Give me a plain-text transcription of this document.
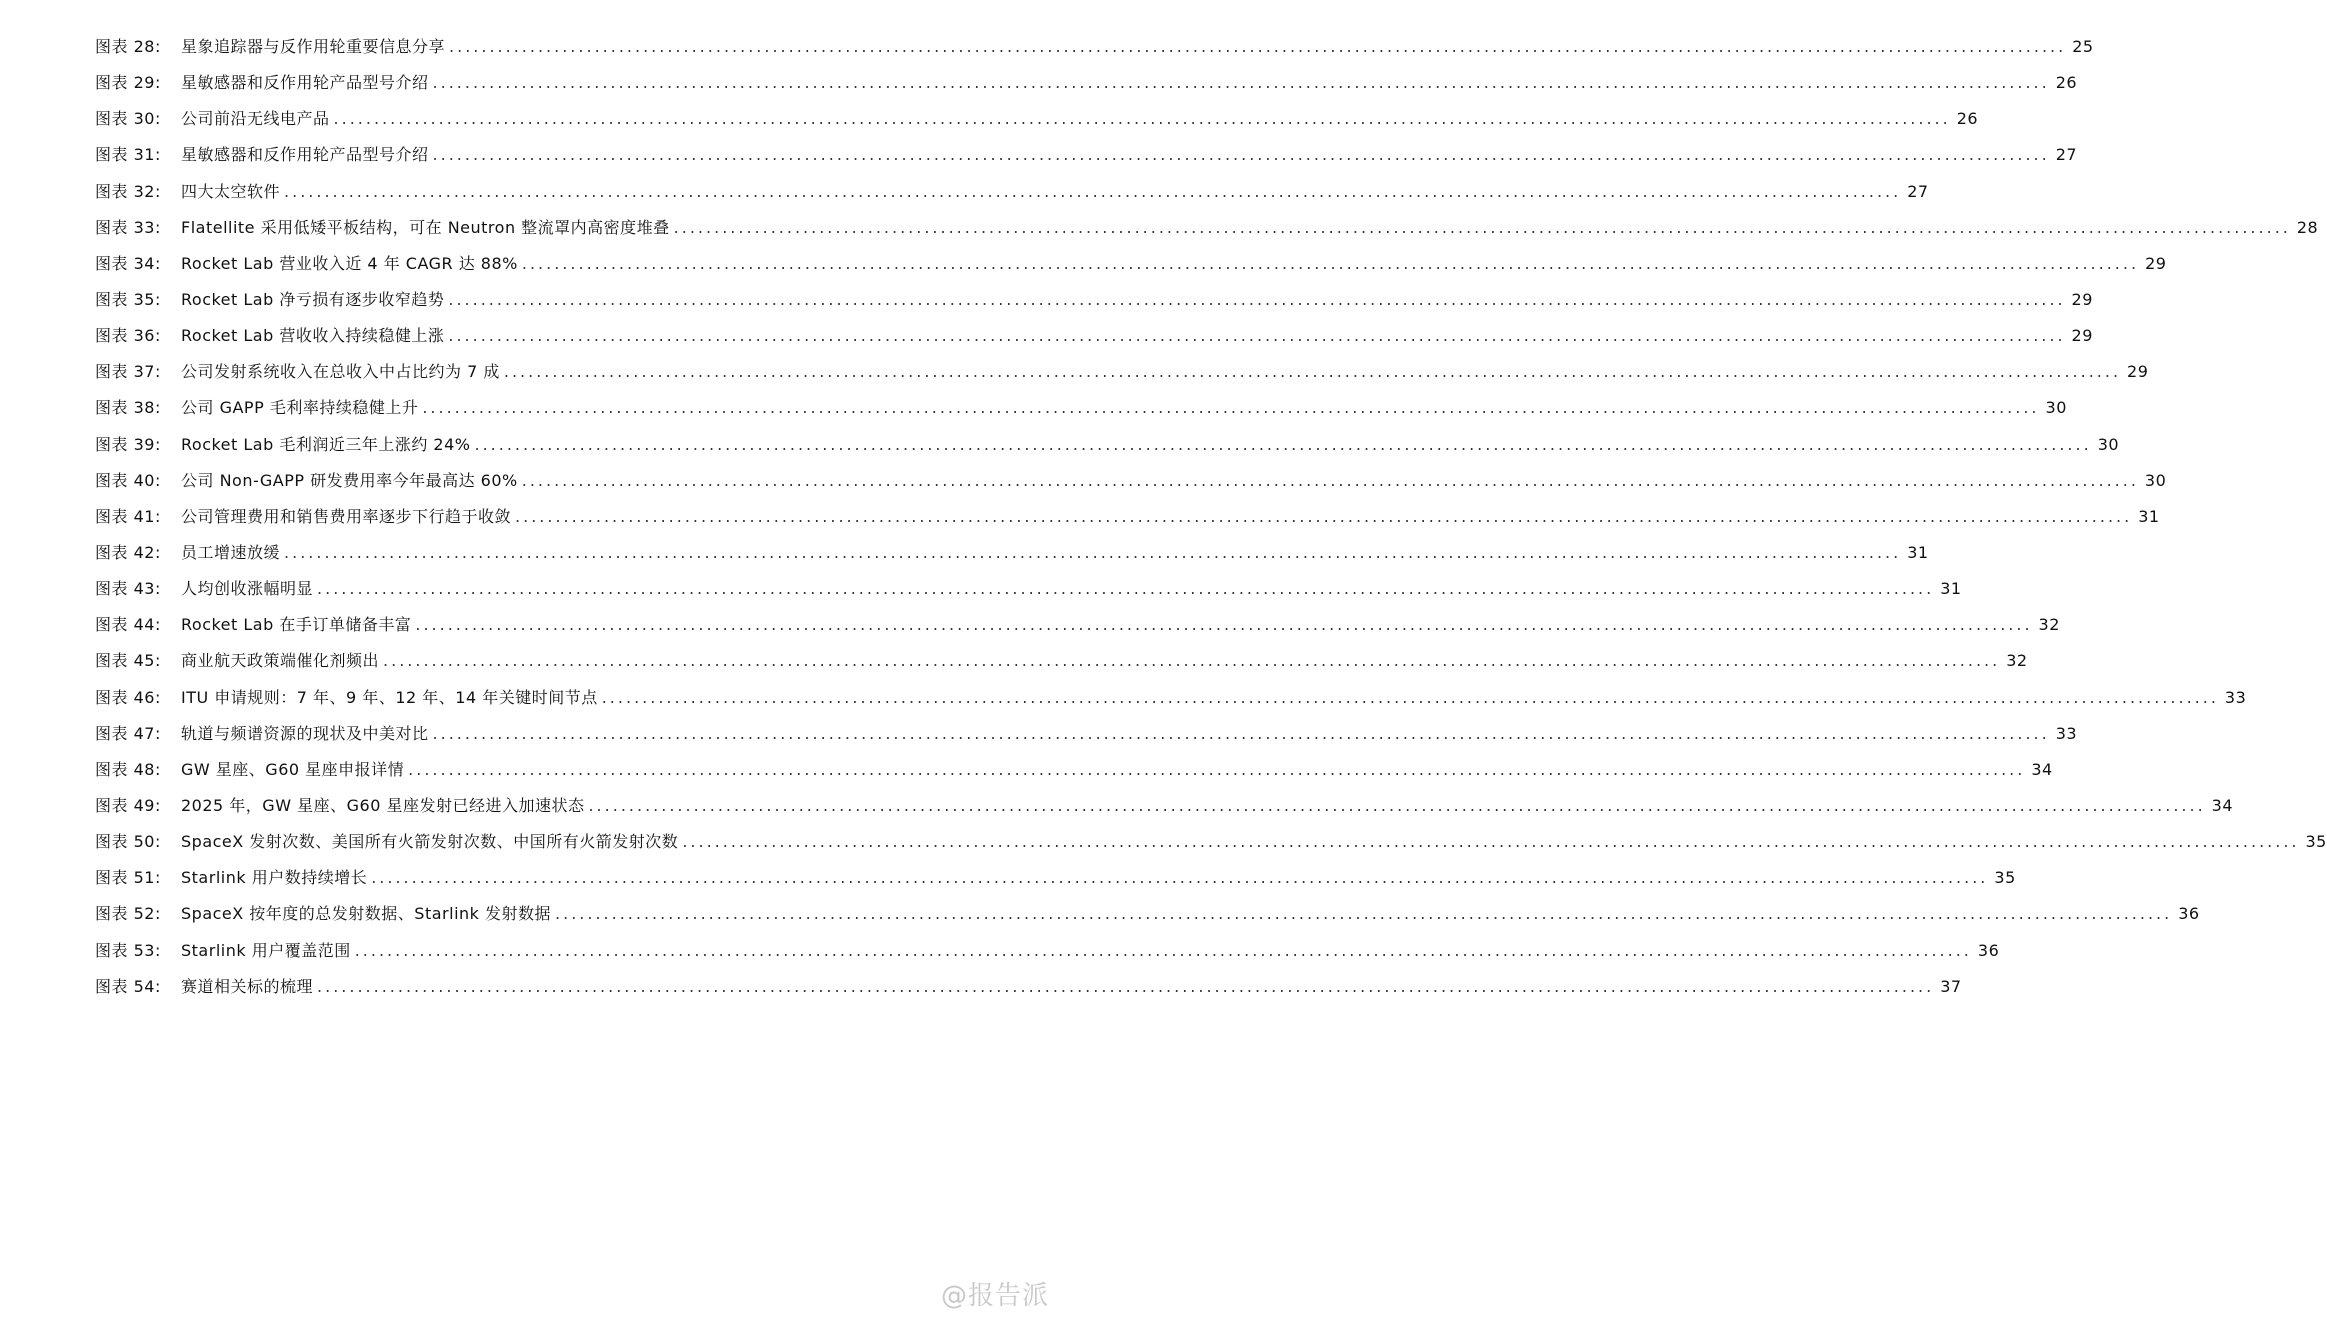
图表 28:	星象追踪器与反作用轮重要信息分享 ........................................................................................................................................................................................................ 25
图表 29:	星敏感器和反作用轮产品型号介绍 ........................................................................................................................................................................................................ 26
图表 30:	公司前沿无线电产品 ........................................................................................................................................................................................................ 26
图表 31:	星敏感器和反作用轮产品型号介绍 ........................................................................................................................................................................................................ 27
图表 32:	四大太空软件 ........................................................................................................................................................................................................ 27
图表 33:	Flatellite 采用低矮平板结构，可在 Neutron 整流罩内高密度堆叠 ........................................................................................................................................................................................................ 28
图表 34:	Rocket Lab 营业收入近 4 年 CAGR 达 88% ........................................................................................................................................................................................................ 29
图表 35:	Rocket Lab 净亏损有逐步收窄趋势 ........................................................................................................................................................................................................ 29
图表 36:	Rocket Lab 营收收入持续稳健上涨 ........................................................................................................................................................................................................ 29
图表 37:	公司发射系统收入在总收入中占比约为 7 成 ........................................................................................................................................................................................................ 29
图表 38:	公司 GAPP 毛利率持续稳健上升 ........................................................................................................................................................................................................ 30
图表 39:	Rocket Lab 毛利润近三年上涨约 24% ........................................................................................................................................................................................................ 30
图表 40:	公司 Non-GAPP 研发费用率今年最高达 60% ........................................................................................................................................................................................................ 30
图表 41:	公司管理费用和销售费用率逐步下行趋于收敛 ........................................................................................................................................................................................................ 31
图表 42:	员工增速放缓 ........................................................................................................................................................................................................ 31
图表 43:	人均创收涨幅明显 ........................................................................................................................................................................................................ 31
图表 44:	Rocket Lab 在手订单储备丰富 ........................................................................................................................................................................................................ 32
图表 45:	商业航天政策端催化剂频出 ........................................................................................................................................................................................................ 32
图表 46:	ITU 申请规则：7 年、9 年、12 年、14 年关键时间节点 ........................................................................................................................................................................................................ 33
图表 47:	轨道与频谱资源的现状及中美对比 ........................................................................................................................................................................................................ 33
图表 48:	GW 星座、G60 星座申报详情 ........................................................................................................................................................................................................ 34
图表 49:	2025 年，GW 星座、G60 星座发射已经进入加速状态 ........................................................................................................................................................................................................ 34
图表 50:	SpaceX 发射次数、美国所有火箭发射次数、中国所有火箭发射次数 ........................................................................................................................................................................................................ 35
图表 51:	Starlink 用户数持续增长 ........................................................................................................................................................................................................ 35
图表 52:	SpaceX 按年度的总发射数据、Starlink 发射数据 ........................................................................................................................................................................................................ 36
图表 53:	Starlink 用户覆盖范围 ........................................................................................................................................................................................................ 36
图表 54:	赛道相关标的梳理 ........................................................................................................................................................................................................ 37
@报告派
